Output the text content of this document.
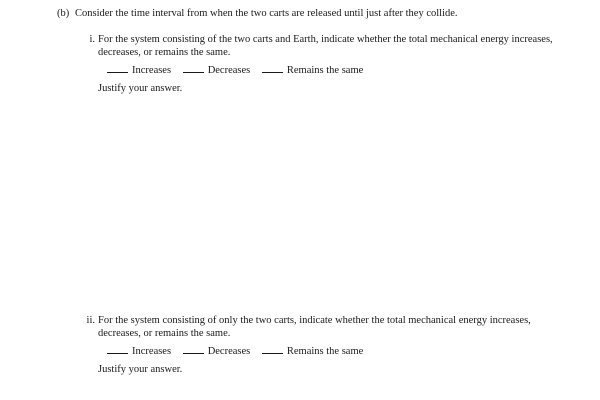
(b) Consider the time interval from when the two carts are released until just after they collide.
i. For the system consisting of the two carts and Earth, indicate whether the total mechanical energy increases, decreases, or remains the same.

Increases	Decreases	Remains the same
Justify your answer.
ii. For the system consisting of only the two carts, indicate whether the total mechanical energy increases, decreases, or remains the same.

Increases	Decreases	Remains the same
Justify your answer.
